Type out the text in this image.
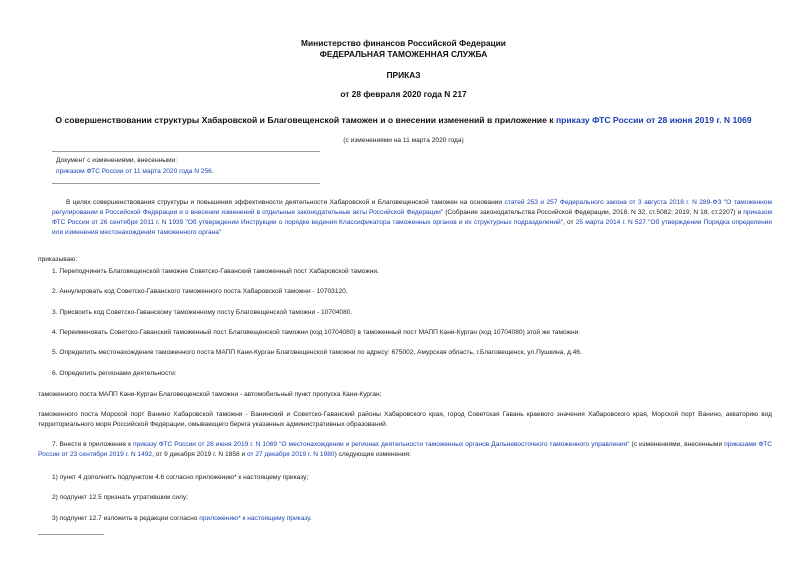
Министерство финансов Российской Федерации
ФЕДЕРАЛЬНАЯ ТАМОЖЕННАЯ СЛУЖБА
ПРИКАЗ
от 28 февраля 2020 года N 217
О совершенствовании структуры Хабаровской и Благовещенской таможен и о внесении изменений в приложение к приказу ФТС России от 28 июня 2019 г. N 1069
(с изменениями на 11 марта 2020 года)
Документ с изменениями, внесенными:
приказом ФТС России от 11 марта 2020 года N 256.
В целях совершенствования структуры и повышения эффективности деятельности Хабаровской и Благовещенской таможен на основании статей 253 и 257 Федерального закона от 3 августа 2018 г. N 289-ФЗ "О таможенном регулировании в Российской Федерации и о внесении изменений в отдельные законодательные акты Российской Федерации" (Собрание законодательства Российской Федерации, 2018, N 32, ст.5082; 2019, N 18, ст.2207) и приказом ФТС России от 26 сентября 2011 г. N 1939 "Об утверждении Инструкции о порядке ведения Классификатора таможенных органов и их структурных подразделений", от 25 марта 2014 г. N 527 "Об утверждении Порядка определения или изменения местонахождения таможенного органа"
приказываю:
1. Переподчинить Благовещенской таможне Советско-Гаванский таможенный пост Хабаровской таможни.
2. Аннулировать код Советско-Гаванского таможенного поста Хабаровской таможни - 10703120.
3. Присвоить код Советско-Гаванскому таможенному посту Благовещенской таможни - 10704080.
4. Переименовать Советско-Гаванский таможенный пост Благовещенской таможни (код 10704080) в таможенный пост МАПП Кани-Курган (код 10704080) этой же таможни.
5. Определить местонахождение таможенного поста МАПП Кани-Курган Благовещенской таможни по адресу: 675002, Амурская область, г.Благовещенск, ул.Пушкина, д.46.
6. Определить регионами деятельности:
таможенного поста МАПП Кани-Курган Благовещенской таможни - автомобильный пункт пропуска Кани-Курган;
таможенного поста Морской порт Ванино Хабаровской таможни - Ванинский и Советско-Гаванский районы Хабаровского края, город Советская Гавань краевого значения Хабаровского края, Морской порт Ванино, акваторию вод территориального моря Российской Федерации, омывающего берега указанных административных образований.
7. Внести в приложение к приказу ФТС России от 28 июня 2019 г. N 1069 "О местонахождении и регионах деятельности таможенных органов Дальневосточного таможенного управления" (с изменениями, внесенными приказами ФТС России от 23 сентября 2019 г. N 1492, от 9 декабря 2019 г. N 1858 и от 27 декабря 2019 г. N 1980) следующие изменения:
1) пункт 4 дополнить подпунктом 4.6 согласно приложению* к настоящему приказу;
2) подпункт 12.5 признать утратившим силу;
3) подпункт 12.7 изложить в редакции согласно приложению* к настоящему приказу.
